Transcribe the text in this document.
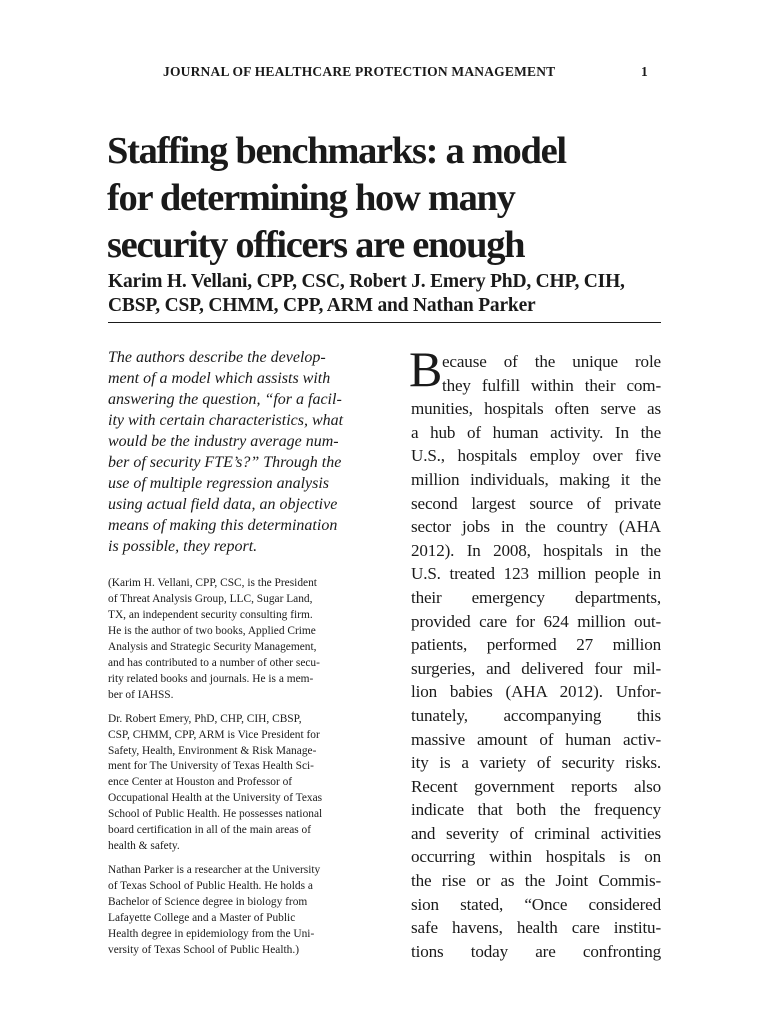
JOURNAL OF HEALTHCARE PROTECTION MANAGEMENT	1
Staffing benchmarks: a model
for determining how many
security officers are enough

Karim H. Vellani, CPP, CSC, Robert J. Emery PhD, CHP, CIH,
CBSP, CSP, CHMM, CPP, ARM and Nathan Parker

The authors describe the develop-
ment of a model which assists with
answering the question, “for a facil-
ity with certain characteristics, what
would be the industry average num-
ber of security FTE’s?” Through the
use of multiple regression analysis
using actual field data, an objective
means of making this determination
is possible, they report.

(Karim H. Vellani, CPP, CSC, is the President
of Threat Analysis Group, LLC, Sugar Land,
TX, an independent security consulting firm.
He is the author of two books, Applied Crime
Analysis and Strategic Security Management,
and has contributed to a number of other secu-
rity related books and journals. He is a mem-
ber of IAHSS.

Dr. Robert Emery, PhD, CHP, CIH, CBSP,
CSP, CHMM, CPP, ARM is Vice President for
Safety, Health, Environment & Risk Manage-
ment for The University of Texas Health Sci-
ence Center at Houston and Professor of
Occupational Health at the University of Texas
School of Public Health. He possesses national
board certification in all of the main areas of
health & safety.

Nathan Parker is a researcher at the University
of Texas School of Public Health. He holds a
Bachelor of Science degree in biology from
Lafayette College and a Master of Public
Health degree in epidemiology from the Uni-
versity of Texas School of Public Health.)

B ecause of the unique role
they fulfill within their com-
munities, hospitals often serve as
a hub of human activity. In the
U.S., hospitals employ over five
million individuals, making it the
second largest source of private
sector jobs in the country (AHA
2012). In 2008, hospitals in the
U.S. treated 123 million people in
their emergency departments,
provided care for 624 million out-
patients, performed 27 million
surgeries, and delivered four mil-
lion babies (AHA 2012). Unfor-
tunately, accompanying this
massive amount of human activ-
ity is a variety of security risks.
Recent government reports also
indicate that both the frequency
and severity of criminal activities
occurring within hospitals is on
the rise or as the Joint Commis-
sion stated, “Once considered
safe havens, health care institu-
tions today are confronting
